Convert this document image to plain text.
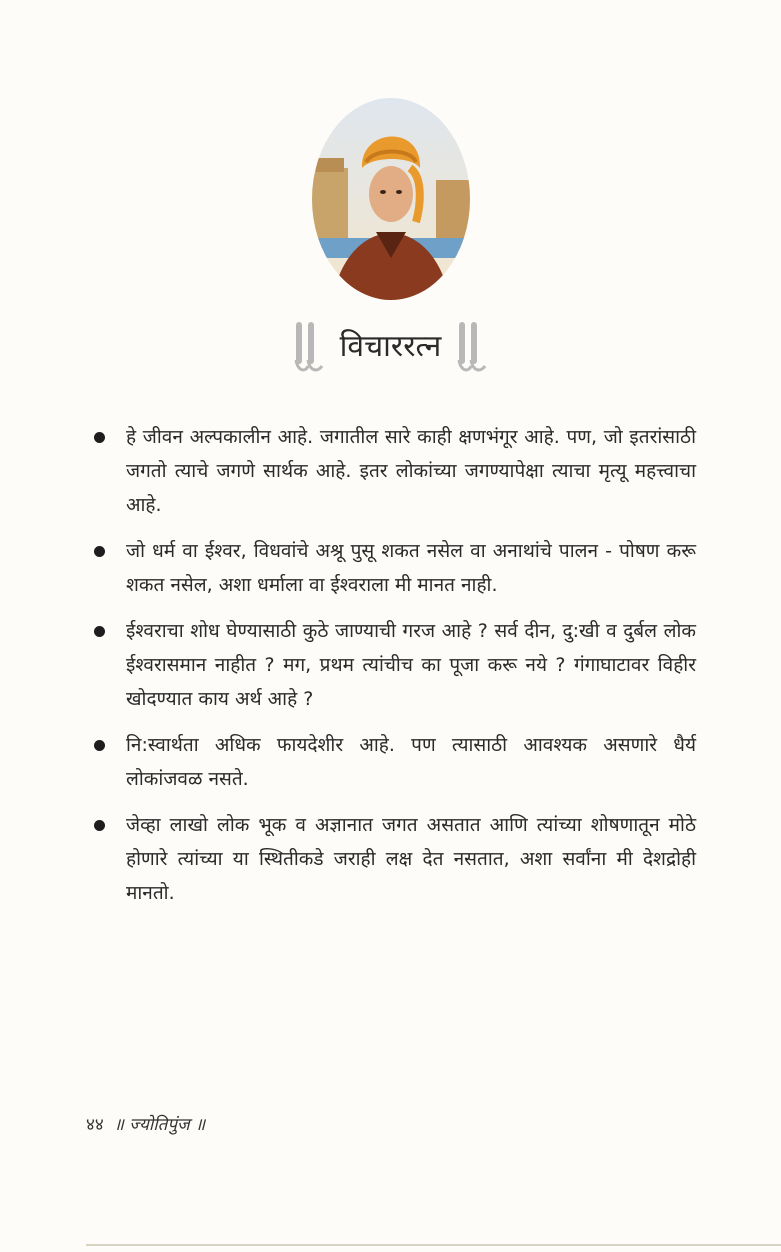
विचाररत्न
हे जीवन अल्पकालीन आहे. जगातील सारे काही क्षणभंगूर आहे. पण, जो इतरांसाठी जगतो त्याचे जगणे सार्थक आहे. इतर लोकांच्या जगण्यापेक्षा त्याचा मृत्यू महत्त्वाचा आहे.
जो धर्म वा ईश्वर, विधवांचे अश्रू पुसू शकत नसेल वा अनाथांचे पालन - पोषण करू शकत नसेल, अशा धर्माला वा ईश्वराला मी मानत नाही.
ईश्वराचा शोध घेण्यासाठी कुठे जाण्याची गरज आहे ? सर्व दीन, दु:खी व दुर्बल लोक ईश्वरासमान नाहीत ? मग, प्रथम त्यांचीच का पूजा करू नये ? गंगाघाटावर विहीर खोदण्यात काय अर्थ आहे ?
नि:स्वार्थता अधिक फायदेशीर आहे. पण त्यासाठी आवश्यक असणारे धैर्य लोकांजवळ नसते.
जेव्हा लाखो लोक भूक व अज्ञानात जगत असतात आणि त्यांच्या शोषणातून मोठे होणारे त्यांच्या या स्थितीकडे जराही लक्ष देत नसतात, अशा सर्वांना मी देशद्रोही मानतो.
४४ ॥ ज्योतिपुंज ॥
